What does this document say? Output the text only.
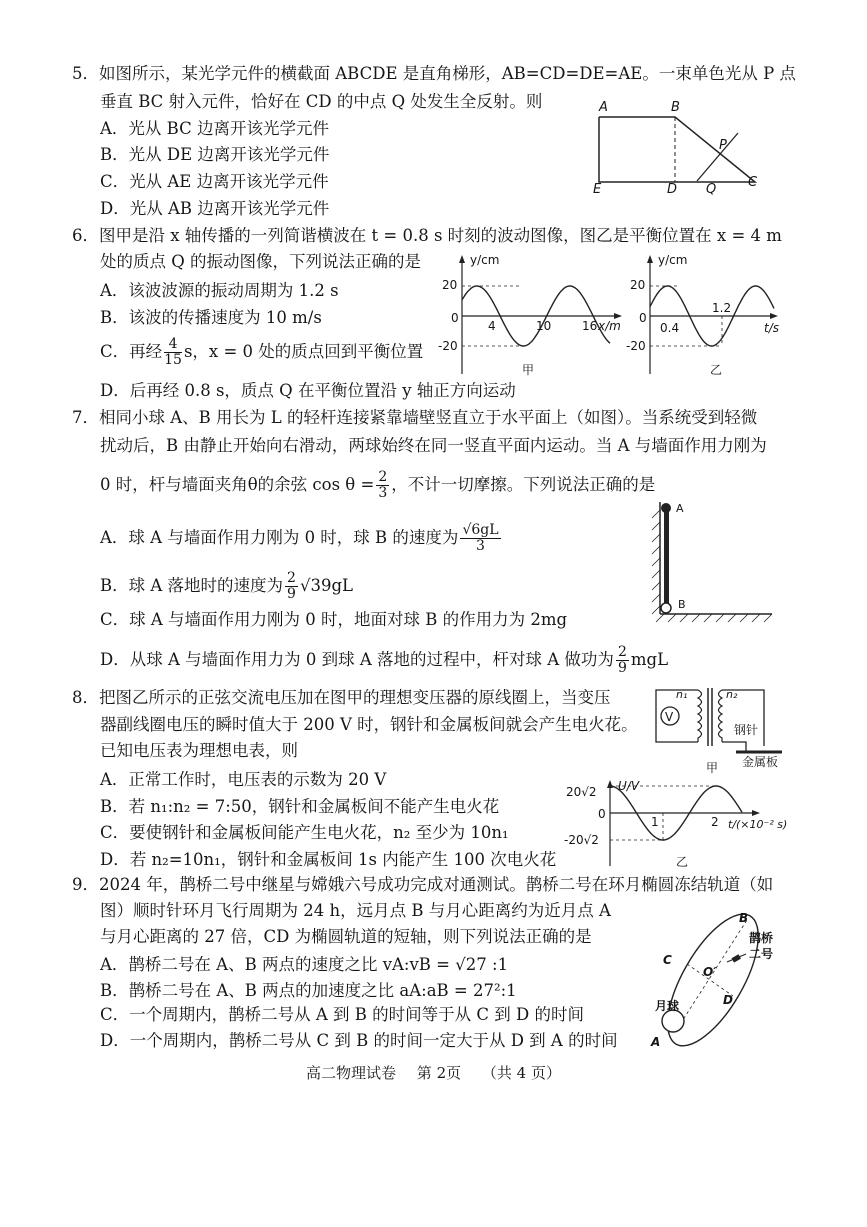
5．如图所示，某光学元件的横截面 ABCDE 是直角梯形，AB=CD=DE=AE。一束单色光从 P 点
垂直 BC 射入元件，恰好在 CD 的中点 Q 处发生全反射。则
A．光从 BC 边离开该光学元件
B．光从 DE 边离开该光学元件
C．光从 AE 边离开该光学元件
D．光从 AB 边离开该光学元件
A	B
P
C
D Q
E
6．图甲是沿 x 轴传播的一列简谐横波在 t = 0.8 s 时刻的波动图像，图乙是平衡位置在 x = 4 m
处的质点 Q 的振动图像，下列说法正确的是
A．该波波源的振动周期为 1.2 s
B．该波的传播速度为 10 m/s
C．再经 $\frac{4}{15}$ s，x = 0 处的质点回到平衡位置
D．后再经 0.8 s，质点 Q 在平衡位置沿 y 轴正方向运动
y/cm
20
-20
0
4	10	16 x/m
甲
y/cm
20
-20
0
0.4
1.2
t/s
乙
7．相同小球 A、B 用长为 L 的轻杆连接紧靠墙壁竖直立于水平面上（如图）。当系统受到轻微
扰动后，B 由静止开始向右滑动，两球始终在同一竖直平面内运动。当 A 与墙面作用力刚为
0 时，杆与墙面夹角θ的余弦 $\cos \theta = \frac{2}{3}$ ，不计一切摩擦。下列说法正确的是
A．球 A 与墙面作用力刚为 0 时，球 B 的速度为 $\frac{√6gL}{3}$
B．球 A 落地时的速度为 $\frac{2}{9} √39gL$
C．球 A 与墙面作用力刚为 0 时，地面对球 B 的作用力为 2mg
D．从球 A 与墙面作用力为 0 到球 A 落地的过程中，杆对球 A 做功为 $\frac{2}{9}$ mgL
A
B
8．把图乙所示的正弦交流电压加在图甲的理想变压器的原线圈上，当变压
器副线圈电压的瞬时值大于 200 V 时，钢针和金属板间就会产生电火花。
已知电压表为理想电表，则
A．正常工作时，电压表的示数为 20 V
B．若 n₁:n₂ = 7:50，钢针和金属板间不能产生电火花
C．要使钢针和金属板间能产生电火花，n₂ 至少为 10n₁
D．若 n₂=10n₁，钢针和金属板间 1s 内能产生 100 次电火花
V
n₁	n₂
钢针
金属板
甲
U/V
20√2
-20√2
0
1	2 t/(×10⁻² s)
乙
9．2024 年，鹊桥二号中继星与嫦娥六号成功完成对通测试。鹊桥二号在环月椭圆冻结轨道（如
图）顺时针环月飞行周期为 24 h，远月点 B 与月心距离约为近月点 A
与月心距离的 27 倍，CD 为椭圆轨道的短轴，则下列说法正确的是
A．鹊桥二号在 A、B 两点的速度之比 vA:vB = √27 :1
B．鹊桥二号在 A、B 两点的加速度之比 aA:aB = 27²:1
C．一个周期内，鹊桥二号从 A 到 B 的时间等于从 C 到 D 的时间
D．一个周期内，鹊桥二号从 C 到 B 的时间一定大于从 D 到 A 的时间
B
C
D
O′
A
月球
鹊桥
二号
高二物理试卷 第 2页 （共 4 页）
